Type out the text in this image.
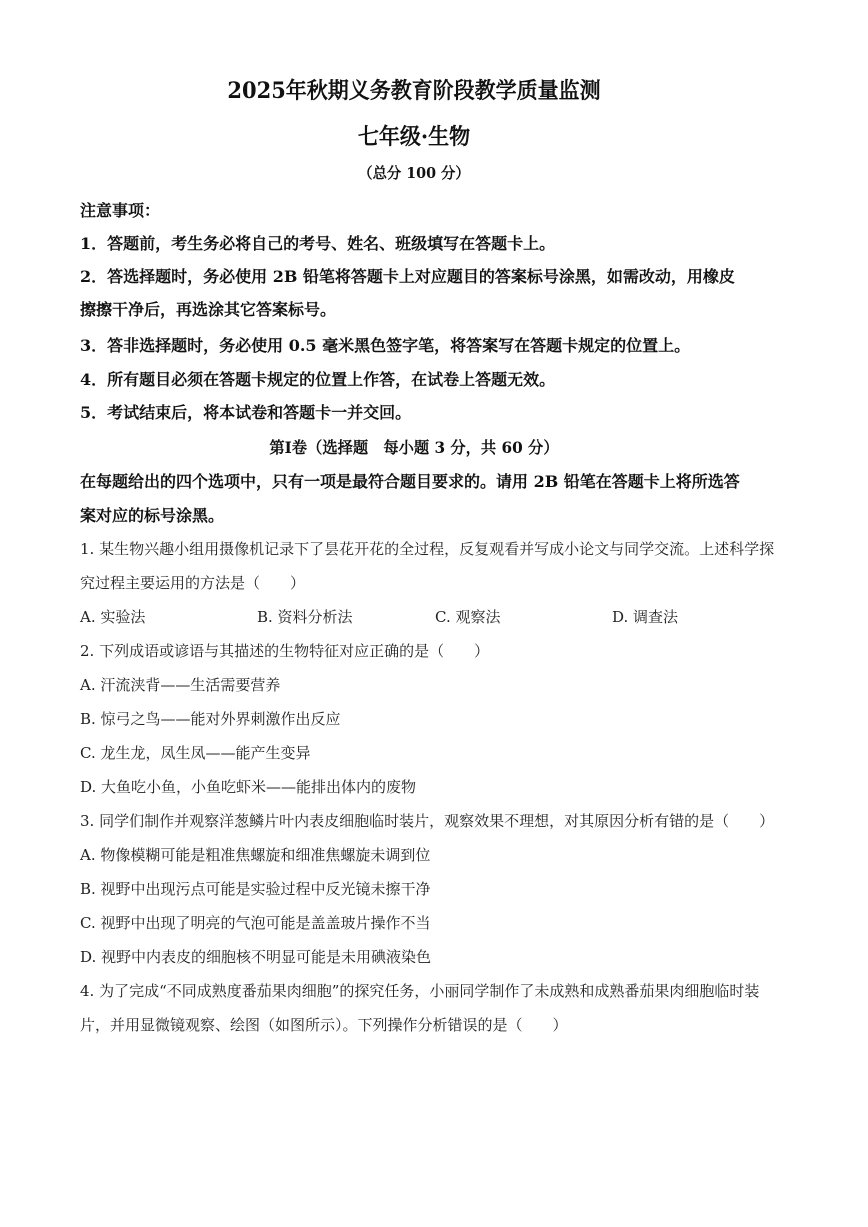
2025年秋期义务教育阶段教学质量监测
七年级·生物
（总分 100 分）
注意事项：
1．答题前，考生务必将自己的考号、姓名、班级填写在答题卡上。
2．答选择题时，务必使用 2B 铅笔将答题卡上对应题目的答案标号涂黑，如需改动，用橡皮
擦擦干净后，再选涂其它答案标号。
3．答非选择题时，务必使用 0.5 毫米黑色签字笔，将答案写在答题卡规定的位置上。
4．所有题目必须在答题卡规定的位置上作答，在试卷上答题无效。
5．考试结束后，将本试卷和答题卡一并交回。
第Ⅰ卷（选择题　每小题 3 分，共 60 分）
在每题给出的四个选项中，只有一项是最符合题目要求的。请用 2B 铅笔在答题卡上将所选答
案对应的标号涂黑。
1. 某生物兴趣小组用摄像机记录下了昙花开花的全过程，反复观看并写成小论文与同学交流。上述科学探
究过程主要运用的方法是（　　）
A. 实验法	B. 资料分析法	C. 观察法	D. 调查法
2. 下列成语或谚语与其描述的生物特征对应正确的是（　　）
A. 汗流浃背——生活需要营养
B. 惊弓之鸟——能对外界刺激作出反应
C. 龙生龙，凤生凤——能产生变异
D. 大鱼吃小鱼，小鱼吃虾米——能排出体内的废物
3. 同学们制作并观察洋葱鳞片叶内表皮细胞临时装片，观察效果不理想，对其原因分析有错的是（　　）
A. 物像模糊可能是粗准焦螺旋和细准焦螺旋未调到位
B. 视野中出现污点可能是实验过程中反光镜未擦干净
C. 视野中出现了明亮的气泡可能是盖盖玻片操作不当
D. 视野中内表皮的细胞核不明显可能是未用碘液染色
4. 为了完成“不同成熟度番茄果肉细胞”的探究任务，小丽同学制作了未成熟和成熟番茄果肉细胞临时装
片，并用显微镜观察、绘图（如图所示）。下列操作分析错误的是（　　）
